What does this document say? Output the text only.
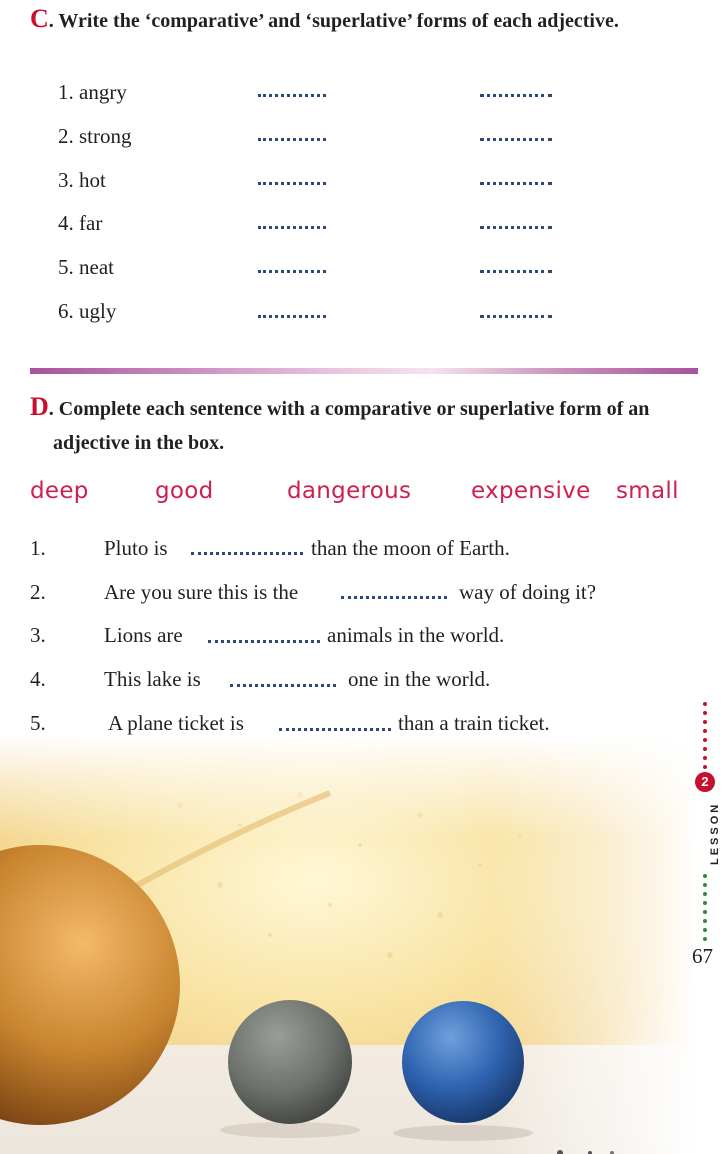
C. Write the ‘comparative’ and ‘superlative’ forms of each adjective.
1. angry
2. strong
3. hot
4. far
5. neat
6. ugly
D. Complete each sentence with a comparative or superlative form of an
adjective in the box.
deep	good	dangerous	expensive small
1.	Pluto is	than the moon of Earth.
2.	Are you sure this is the	way of doing it?
3.	Lions are	animals in the world.
4.	This lake is	one in the world.
5.	A plane ticket is	than a train ticket.
2
LESSON
67
